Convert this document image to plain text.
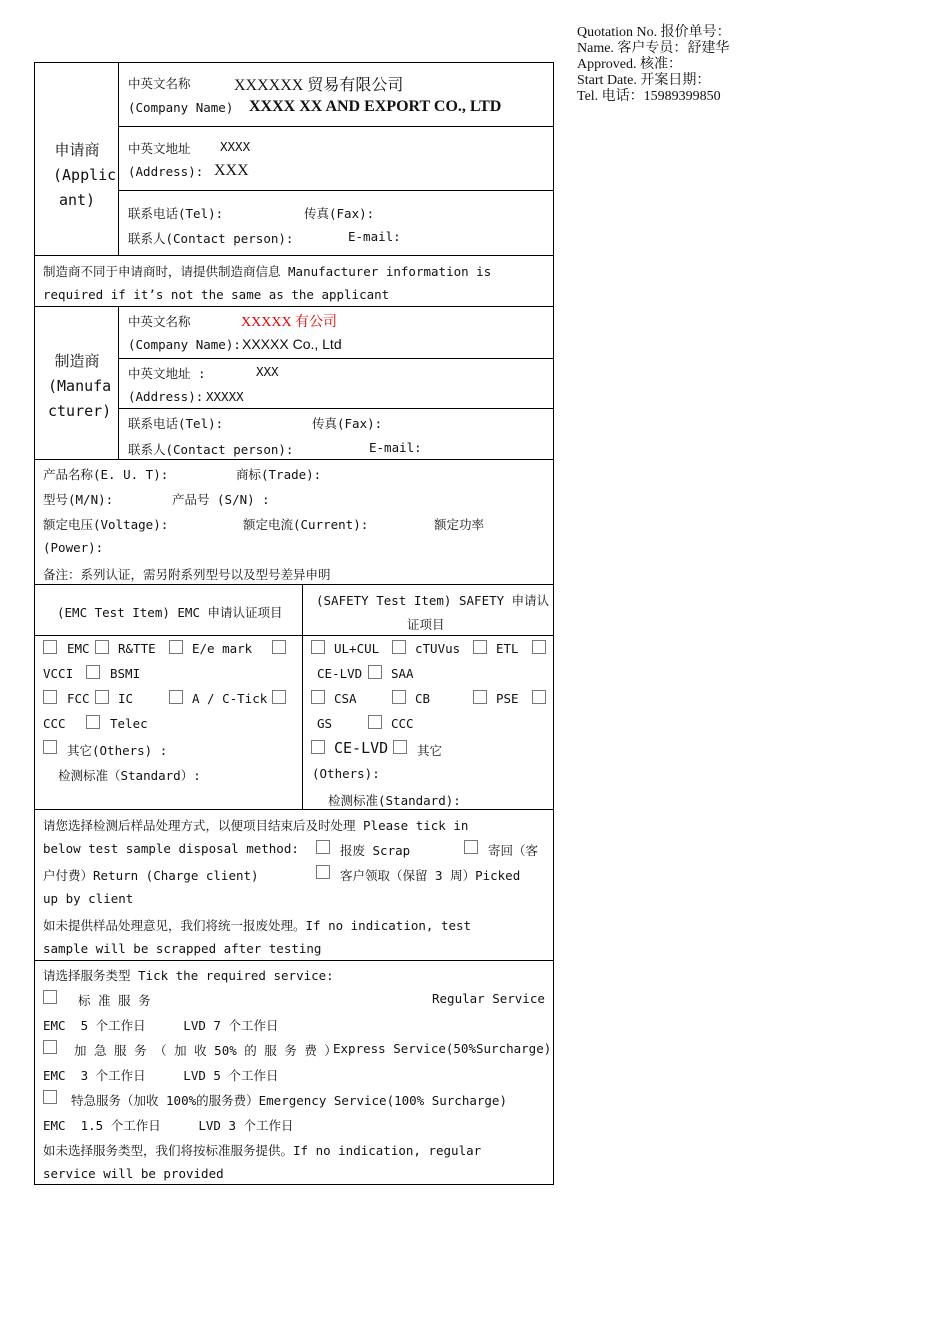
Quotation No. 报价单号：
Name. 客户专员：舒建华
Approved. 核准：
Start Date. 开案日期：
Tel. 电话：15989399850
申请商
(Applic
ant)
中英文名称	XXXXXX 贸易有限公司
(Company Name) XXXX XX AND EXPORT CO., LTD
中英文地址 XXXX
(Address): XXX
联系电话(Tel):	传真(Fax):
联系人(Contact person):	E-mail:
制造商不同于申请商时，请提供制造商信息 Manufacturer information is
required if it’s not the same as the applicant
制造商
(Manufa
cturer)
中英文名称	XXXXX 有公司
(Company Name): XXXXX Co., Ltd
中英文地址 :	XXX
(Address): XXXXX
联系电话(Tel):	传真(Fax):
联系人(Contact person):	E-mail:
产品名称(E. U. T):	商标(Trade):
型号(M/N):	产品号 (S/N) :
额定电压(Voltage):	额定电流(Current):	额定功率
(Power):
备注：系列认证，需另附系列型号以及型号差异申明
(EMC Test Item) EMC 申请认证项目
(SAFETY Test Item) SAFETY 申请认
证项目
EMC R&TTE	E/e mark
VCCI	BSMI
FCC IC	A / C-Tick
CCC	Telec
其它(Others) :
检测标准（Standard）:
UL+CUL	cTUVus	ETL
CE-LVD SAA
CSA	CB	PSE
GS	CCC
CE-LVD 其它
(Others):
检测标准(Standard):
请您选择检测后样品处理方式，以便项目结束后及时处理 Please tick in
below test sample disposal method:	报废 Scrap	寄回（客
户付费）Return (Charge client)	客户领取（保留 3 周）Picked
up by client
如未提供样品处理意见，我们将统一报废处理。If no indication, test
sample will be scrapped after testing
请选择服务类型 Tick the required service:
标 准 服 务	Regular Service
EMC  5 个工作日     LVD 7 个工作日
加 急 服 务 （ 加 收 50% 的 服 务 费 ）
Express Service(50%Surcharge)
EMC  3 个工作日     LVD 5 个工作日
特急服务（加收 100%的服务费）Emergency Service(100% Surcharge)
EMC  1.5 个工作日     LVD 3 个工作日
如未选择服务类型，我们将按标准服务提供。If no indication, regular
service will be provided
